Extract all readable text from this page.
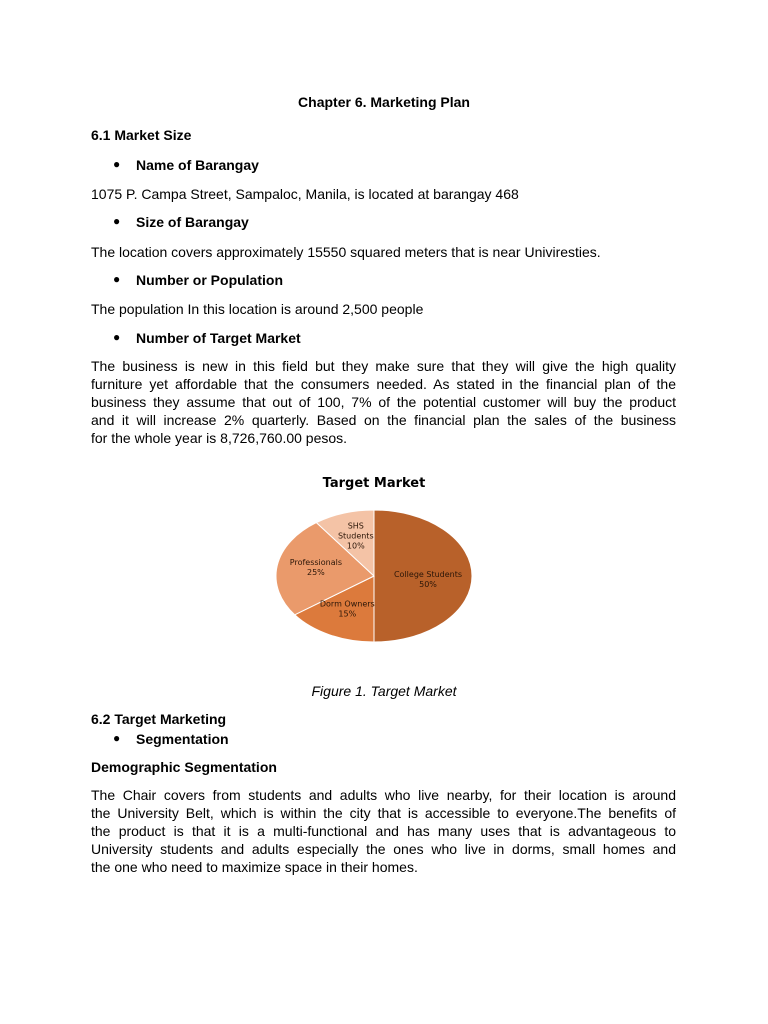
Chapter 6. Marketing Plan

6.1 Market Size

● Name of Barangay

1075 P. Campa Street, Sampaloc, Manila, is located at barangay 468

● Size of Barangay

The location covers approximately 15550 squared meters that is near Univiresties.

● Number or Population

The population In this location is around 2,500 people

● Number of Target Market

The business is new in this field but they make sure that they will give the high quality
furniture yet affordable that the consumers needed. As stated in the financial plan of the
business they assume that out of 100, 7% of the potential customer will buy the product
and it will increase 2% quarterly. Based on the financial plan the sales of the business
for the whole year is 8,726,760.00 pesos.
Target Market
College Students
50%
Dorm Owners
15%
Professionals
25%
SHS
Students
10%

Figure 1. Target Market

6.2 Target Marketing

● Segmentation

Demographic Segmentation

The Chair covers from students and adults who live nearby, for their location is around
the University Belt, which is within the city that is accessible to everyone.The benefits of
the product is that it is a multi-functional and has many uses that is advantageous to
University students and adults especially the ones who live in dorms, small homes and
the one who need to maximize space in their homes.
